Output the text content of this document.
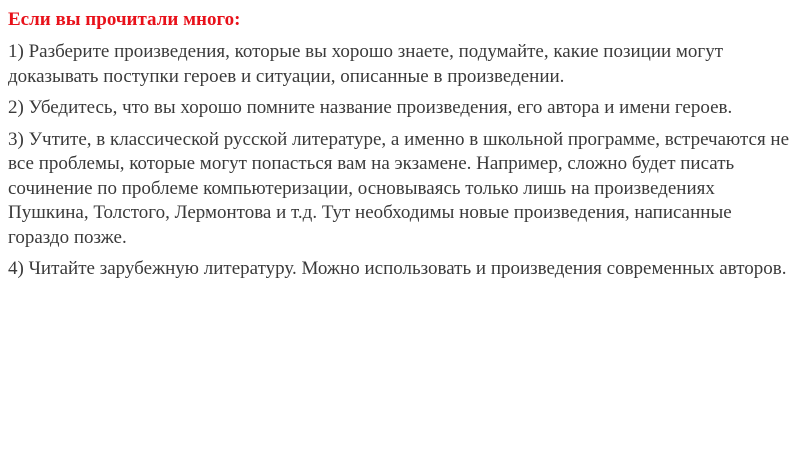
Если вы прочитали много:
1) Разберите произведения, которые вы хорошо знаете, подумайте, какие позиции могут доказывать поступки героев и ситуации, описанные в произведении.
2) Убедитесь, что вы хорошо помните название произведения, его автора и имени героев.
3) Учтите, в классической русской литературе, а именно в школьной программе, встречаются не все проблемы, которые могут попасться вам на экзамене. Например, сложно будет писать сочинение по проблеме компьютеризации, основываясь только лишь на произведениях Пушкина, Толстого, Лермонтова и т.д. Тут необходимы новые произведения, написанные гораздо позже.
4) Читайте зарубежную литературу. Можно использовать и произведения современных авторов.
